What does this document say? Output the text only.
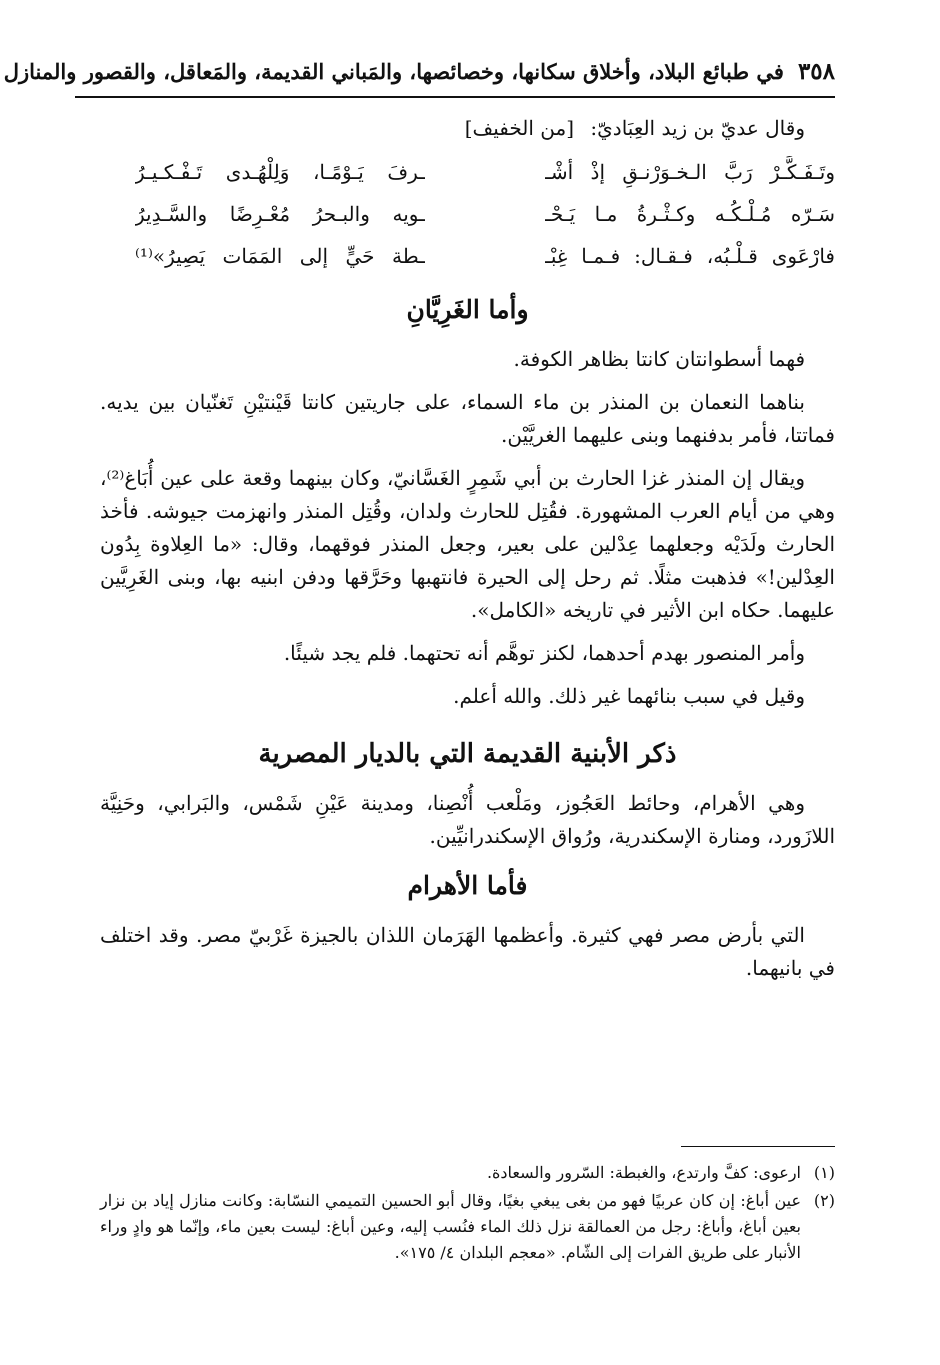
٣٥٨
في طبائع البلاد، وأخلاق سكانها، وخصائصها، والمَباني القديمة، والمَعاقل، والقصور والمنازل

وقال عديّ بن زيد العِبَاديّ: [من الخفيف]

وتَـفَـكَّـرْ رَبَّ الـخـوَرْنـقِ إذْ أشْـ
ـرفَ يَـوْمًـا، وَلِلْهُـدى تَـفْـكـيـرُ
سَـرّه مُـلْـكُـه وكـثْـرةُ مـا يَـحْـ
ـويه والبـحرُ مُعْـرِضًا والسَّـدِيرُ
فارْعَوى قـلْـبُه، فـقـال: فـمـا غِبْـ
ـطة حَيٍّ إلى المَمَات يَصِيرُ»⁽¹⁾
وأما الغَرِيَّانِ

فهما أسطوانتان كانتا بظاهر الكوفة.

بناهما النعمان بن المنذر بن ماء السماء، على جاريتين كانتا قَيْنتيْنِ تَغنّيان بين يديه. فماتتا، فأمر بدفنهما وبنى عليهما الغريَّيْن.

ويقال إن المنذر غزا الحارث بن أبي شَمِرٍ الغَسَّانيّ، وكان بينهما وقعة على عين أُبَاغ⁽²⁾، وهي من أيام العرب المشهورة. فقُتِل للحارث ولدان، وقُتِل المنذر وانهزمت جيوشه. فأخذ الحارث ولَدَيْه وجعلهما عِدْلين على بعير، وجعل المنذر فوقهما، وقال: «ما العِلاوة بِدُون العِدْلين!» فذهبت مثلًا. ثم رحل إلى الحيرة فانتهبها وحَرَّقها ودفن ابنيه بها، وبنى الغَرِيَّين عليهما. حكاه ابن الأثير في تاريخه «الكامل».

وأمر المنصور بهدم أحدهما، لكنز توهَّم أنه تحتهما. فلم يجد شيئًا.

وقيل في سبب بنائهما غير ذلك. والله أعلم.

ذكر الأبنية القديمة التي بالديار المصرية

وهي الأهرام، وحائط العَجُوز، ومَلْعب أُنْصِنا، ومدينة عَيْنِ شَمْس، والبَرابي، وحَنِيَّة اللازَورد، ومنارة الإسكندرية، ورُواق الإسكندرانيِّين.

فأما الأهرام

التي بأرض مصر فهي كثيرة. وأعظمها الهَرَمان اللذان بالجيزة غَرْبيّ مصر. وقد اختلف في بانيهما.

(١)
ارعوى: كفَّ وارتدع، والغبطة: السّرور والسعادة.
(٢)
عين أباغ: إن كان عربيًا فهو من بغى يبغي بغيًا، وقال أبو الحسين التميمي النسّابة: وكانت منازل إياد بن نزار بعين أباغ، وأباغ: رجل من العمالقة نزل ذلك الماء فنُسب إليه، وعين أباغ: ليست بعين ماء، وإنّما هو وادٍ وراء الأنبار على طريق الفرات إلى الشّام. «معجم البلدان ٤/ ١٧٥».
